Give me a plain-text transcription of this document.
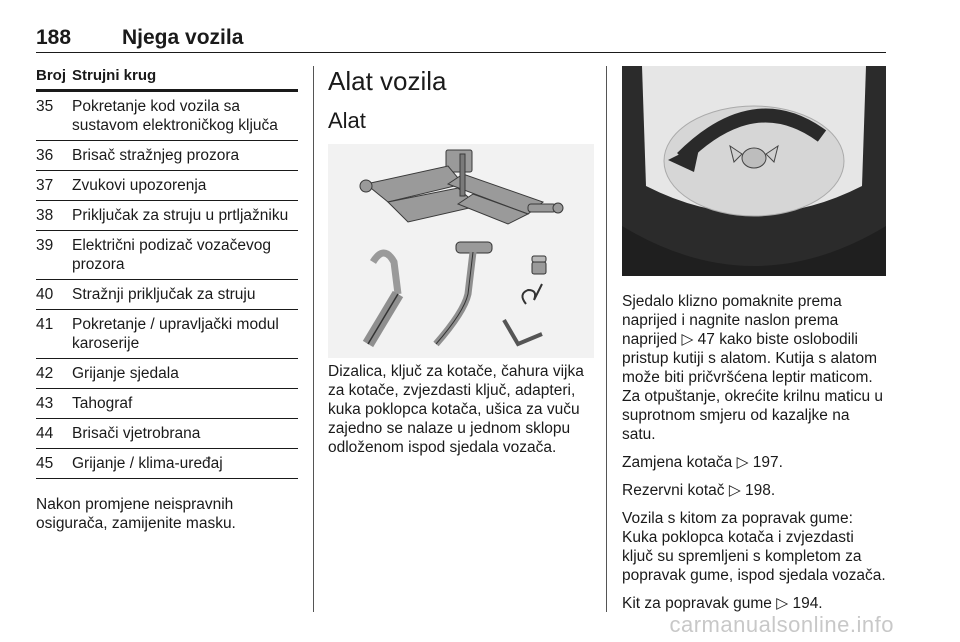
188 Njega vozila
Broj Strujni krug
35	Pokretanje kod vozila sa sustavom elektroničkog ključa
36	Brisač stražnjeg prozora
37	Zvukovi upozorenja
38	Priključak za struju u prtljažniku
39	Električni podizač vozačevog prozora
40	Stražnji priključak za struju
41	Pokretanje / upravljački modul karoserije
42	Grijanje sjedala
43	Tahograf
44	Brisači vjetrobrana
45	Grijanje / klima-uređaj
Nakon promjene neispravnih osigurača, zamijenite masku.
Alat vozila
Alat
Dizalica, ključ za kotače, čahura vijka za kotače, zvjezdasti ključ, adapteri, kuka poklopca kotača, ušica za vuču zajedno se nalaze u jednom sklopu odloženom ispod sjedala vozača.

Sjedalo klizno pomaknite prema naprijed i nagnite naslon prema naprijed ▷ 47 kako biste oslobodili pristup kutiji s alatom. Kutija s alatom može biti pričvršćena leptir maticom. Za otpuštanje, okrećite krilnu maticu u suprotnom smjeru od kazaljke na satu.

Zamjena kotača ▷ 197.

Rezervni kotač ▷ 198.

Vozila s kitom za popravak gume: Kuka poklopca kotača i zvjezdasti ključ su spremljeni s kompletom za popravak gume, ispod sjedala vozača.

Kit za popravak gume ▷ 194.

carmanualsonline.info
